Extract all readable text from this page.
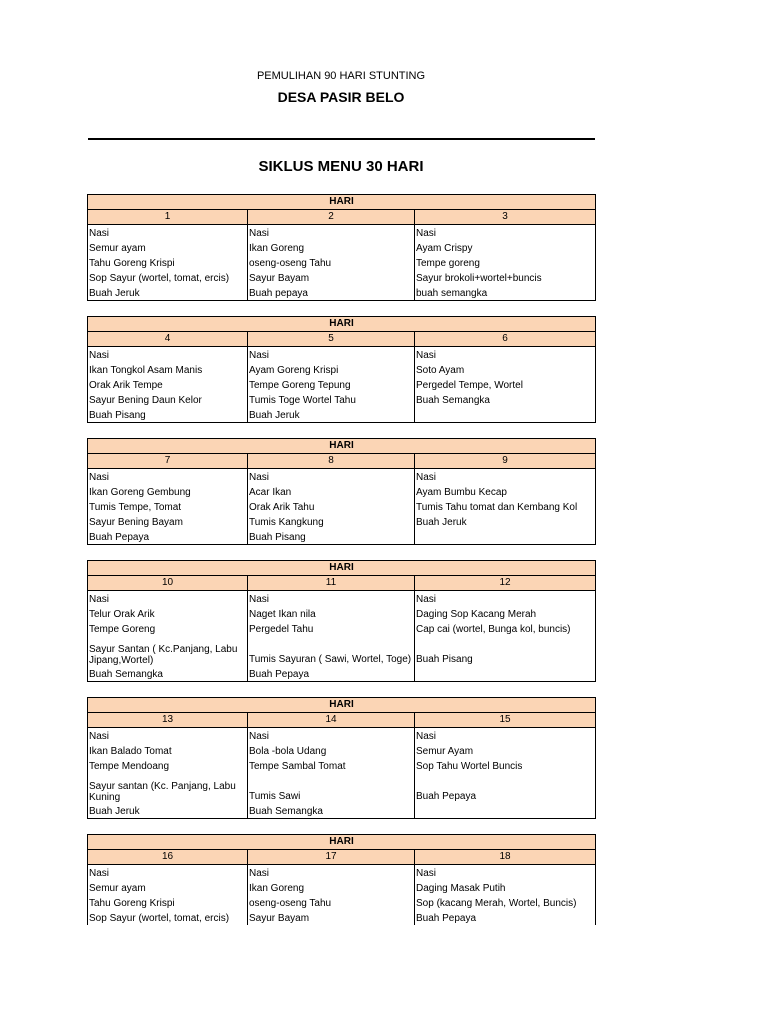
PEMULIHAN 90 HARI STUNTING
DESA PASIR BELO
SIKLUS MENU 30 HARI
HARI		
1	2	3
Nasi	Nasi	Nasi
Semur ayam	Ikan Goreng	Ayam Crispy
Tahu Goreng Krispi	oseng-oseng Tahu	Tempe goreng
Sop Sayur (wortel, tomat, ercis)	Sayur Bayam	Sayur brokoli+wortel+buncis
Buah Jeruk	Buah pepaya	buah semangka
HARI		
4	5	6
Nasi	Nasi	Nasi
Ikan Tongkol Asam Manis	Ayam Goreng Krispi	Soto Ayam
Orak Arik Tempe	Tempe Goreng Tepung	Pergedel Tempe, Wortel
Sayur Bening Daun Kelor	Tumis Toge Wortel Tahu	Buah Semangka
Buah Pisang	Buah Jeruk	
HARI		
7	8	9
Nasi	Nasi	Nasi
Ikan Goreng Gembung	Acar Ikan	Ayam Bumbu Kecap
Tumis Tempe, Tomat	Orak Arik Tahu	Tumis Tahu tomat dan Kembang Kol
Sayur Bening Bayam	Tumis Kangkung	Buah Jeruk
Buah Pepaya	Buah Pisang	
HARI		
10	11	12
Nasi	Nasi	Nasi
Telur Orak Arik	Naget Ikan nila	Daging Sop Kacang Merah
Tempe Goreng	Pergedel Tahu	Cap cai (wortel, Bunga kol, buncis)
Sayur Santan ( Kc.Panjang, Labu Jipang,Wortel)	Tumis Sayuran ( Sawi, Wortel, Toge)	Buah Pisang
Buah Semangka	Buah Pepaya	
HARI		
13	14	15
Nasi	Nasi	Nasi
Ikan Balado Tomat	Bola -bola Udang	Semur Ayam
Tempe Mendoang	Tempe Sambal Tomat	Sop Tahu Wortel Buncis
Sayur santan (Kc. Panjang, Labu Kuning	Tumis Sawi	Buah Pepaya
Buah Jeruk	Buah Semangka	
HARI		
16	17	18
Nasi	Nasi	Nasi
Semur ayam	Ikan Goreng	Daging Masak Putih
Tahu Goreng Krispi	oseng-oseng Tahu	Sop (kacang Merah, Wortel, Buncis)
Sop Sayur (wortel, tomat, ercis)	Sayur Bayam	Buah Pepaya
